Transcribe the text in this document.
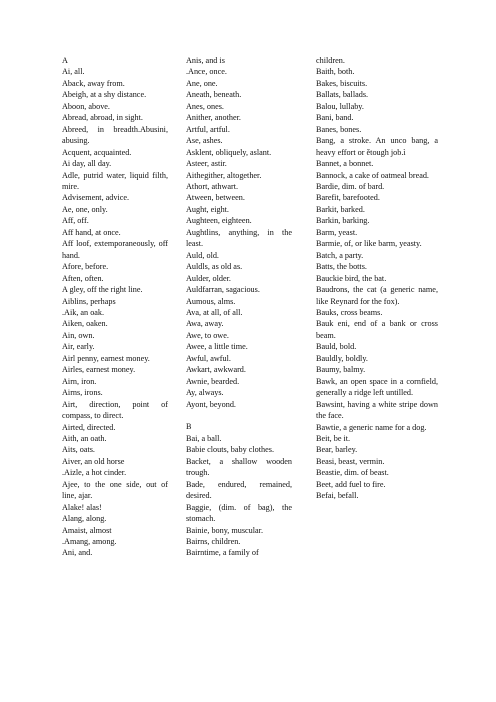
A

Ai, all.

Aback, away from.

Abeigh, at a shy distance.

Aboon, above.

Abread, abroad, in sight.

Abreed, in breadth.Abusini, abusing.

Acquent, acquainted.

Ai day, all day.

Adle, putrid water, liquid filth, mire.

Advisement, advice.

Ae, one, only.

Aff, off.

Aff hand, at once.

Aff loof, extemporaneously, off hand.

Afore, before.

Aften, often.

A gley, off the right line.

Aiblins, perhaps

.Aik, an oak.

Aiken, oaken.

Ain, own.

Air, early.

Airl penny, earnest money.

Airles, earnest money.

Airn, iron.

Airns, irons.

Airt, direction, point of compass, to direct.

Airted, directed.

Aith, an oath.

Aits, oats.

Aiver, an old horse

.Aizle, a hot cinder.

Ajee, to the one side, out of line, ajar.

Alake! alas!

Alang, along.

Amaist, almost

.Amang, among.

Ani, and.

Anis, and is

.Ance, once.

Ane, one.

Aneath, beneath.

Anes, ones.

Anither, another.

Artful, artful.

Ase, ashes.

Asklent, obliquely, aslant.

Asteer, astir.

Aithegither, altogether.

Athort, athwart.

Atween, between.

Aught, eight.

Aughteen, eighteen.

Aughtlins, anything, in the least.

Auld, old.

Auldls, as old as.

Aulder, older.

Auldfarran, sagacious.

Aumous, alms.

Ava, at all, of all.

Awa, away.

Awe, to owe.

Awee, a little time.

Awful, awful.

Awkart, awkward.

Awnie, bearded.

Ay, always.

Ayont, beyond.

B

Bai, a ball.

Babie clouts, baby clothes.

Backet, a shallow wooden trough.

Bade, endured, remained, desired.

Baggie, (dim. of bag), the stomach.

Bainie, bony, muscular.

Bairns, children.

Bairntime, a family of

children.

Baith, both.

Bakes, biscuits.

Ballats, ballads.

Balou, lullaby.

Bani, band.

Banes, bones.

Bang, a stroke. An unco bang, a heavy effort or ětough job.ì

Bannet, a bonnet.

Bannock, a cake of oatmeal bread.

Bardie, dim. of bard.

Barefit, barefooted.

Barkit, barked.

Barkin, barking.

Barm, yeast.

Barmie, of, or like barm, yeasty.

Batch, a party.

Batts, the botts.

Bauckie bird, the bat.

Baudrons, the cat (a generic name, like Reynard for the fox).

Bauks, cross beams.

Bauk eni, end of a bank or cross beam.

Bauld, bold.

Bauldly, boldly.

Baumy, balmy.

Bawk, an open space in a cornfield, generally a ridge left untilled.

Bawsint, having a white stripe down the face.

Bawtie, a generic name for a dog.

Beit, be it.

Bear, barley.

Beasi, beast, vermin.

Beastie, dim. of beast.

Beet, add fuel to fire.

Befai, befall.
